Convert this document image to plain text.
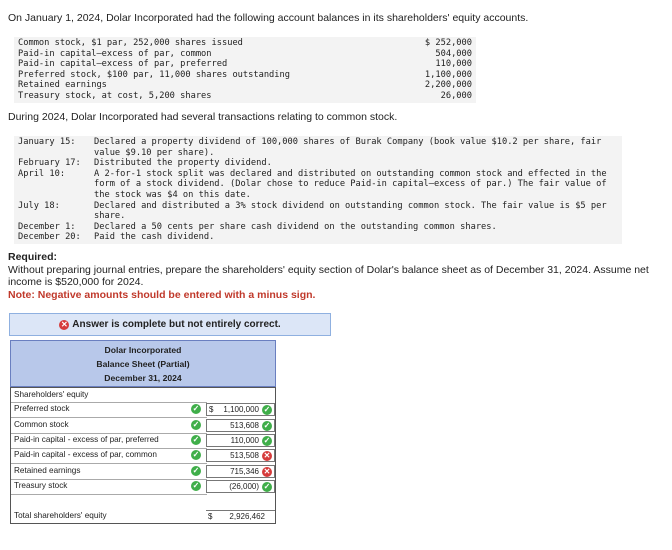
On January 1, 2024, Dolar Incorporated had the following account balances in its shareholders' equity accounts.
Common stock, $1 par, 252,000 shares issued	$ 252,000
Paid-in capital—excess of par, common	504,000
Paid-in capital—excess of par, preferred	110,000
Preferred stock, $100 par, 11,000 shares outstanding	1,100,000
Retained earnings	2,200,000
Treasury stock, at cost, 5,200 shares	26,000
During 2024, Dolar Incorporated had several transactions relating to common stock.
January 15:	Declared a property dividend of 100,000 shares of Burak Company (book value $10.2 per share, fair value $9.10 per share).
February 17:	Distributed the property dividend.
April 10:	A 2-for-1 stock split was declared and distributed on outstanding common stock and effected in the form of a stock dividend. (Dolar chose to reduce Paid-in capital—excess of par.) The fair value of the stock was $4 on this date.
July 18:	Declared and distributed a 3% stock dividend on outstanding common stock. The fair value is $5 per share.
December 1:	Declared a 50 cents per share cash dividend on the outstanding common shares.
December 20:	Paid the cash dividend.
Required:
Without preparing journal entries, prepare the shareholders' equity section of Dolar's balance sheet as of December 31, 2024. Assume net income is $520,000 for 2024.
Note: Negative amounts should be entered with a minus sign.
✕ Answer is complete but not entirely correct.
Dolar Incorporated
Balance Sheet (Partial)
December 31, 2024
Shareholders' equity
Preferred stock	✓ $ 1,100,000 ✓
Common stock	✓	513,608 ✓
Paid-in capital - excess of par, preferred	✓	110,000 ✓
Paid-in capital - excess of par, common	✓	513,508 ✕
Retained earnings	✓	715,346 ✕
Treasury stock	✓	(26,000) ✓
Total shareholders' equity	$ 2,926,462
